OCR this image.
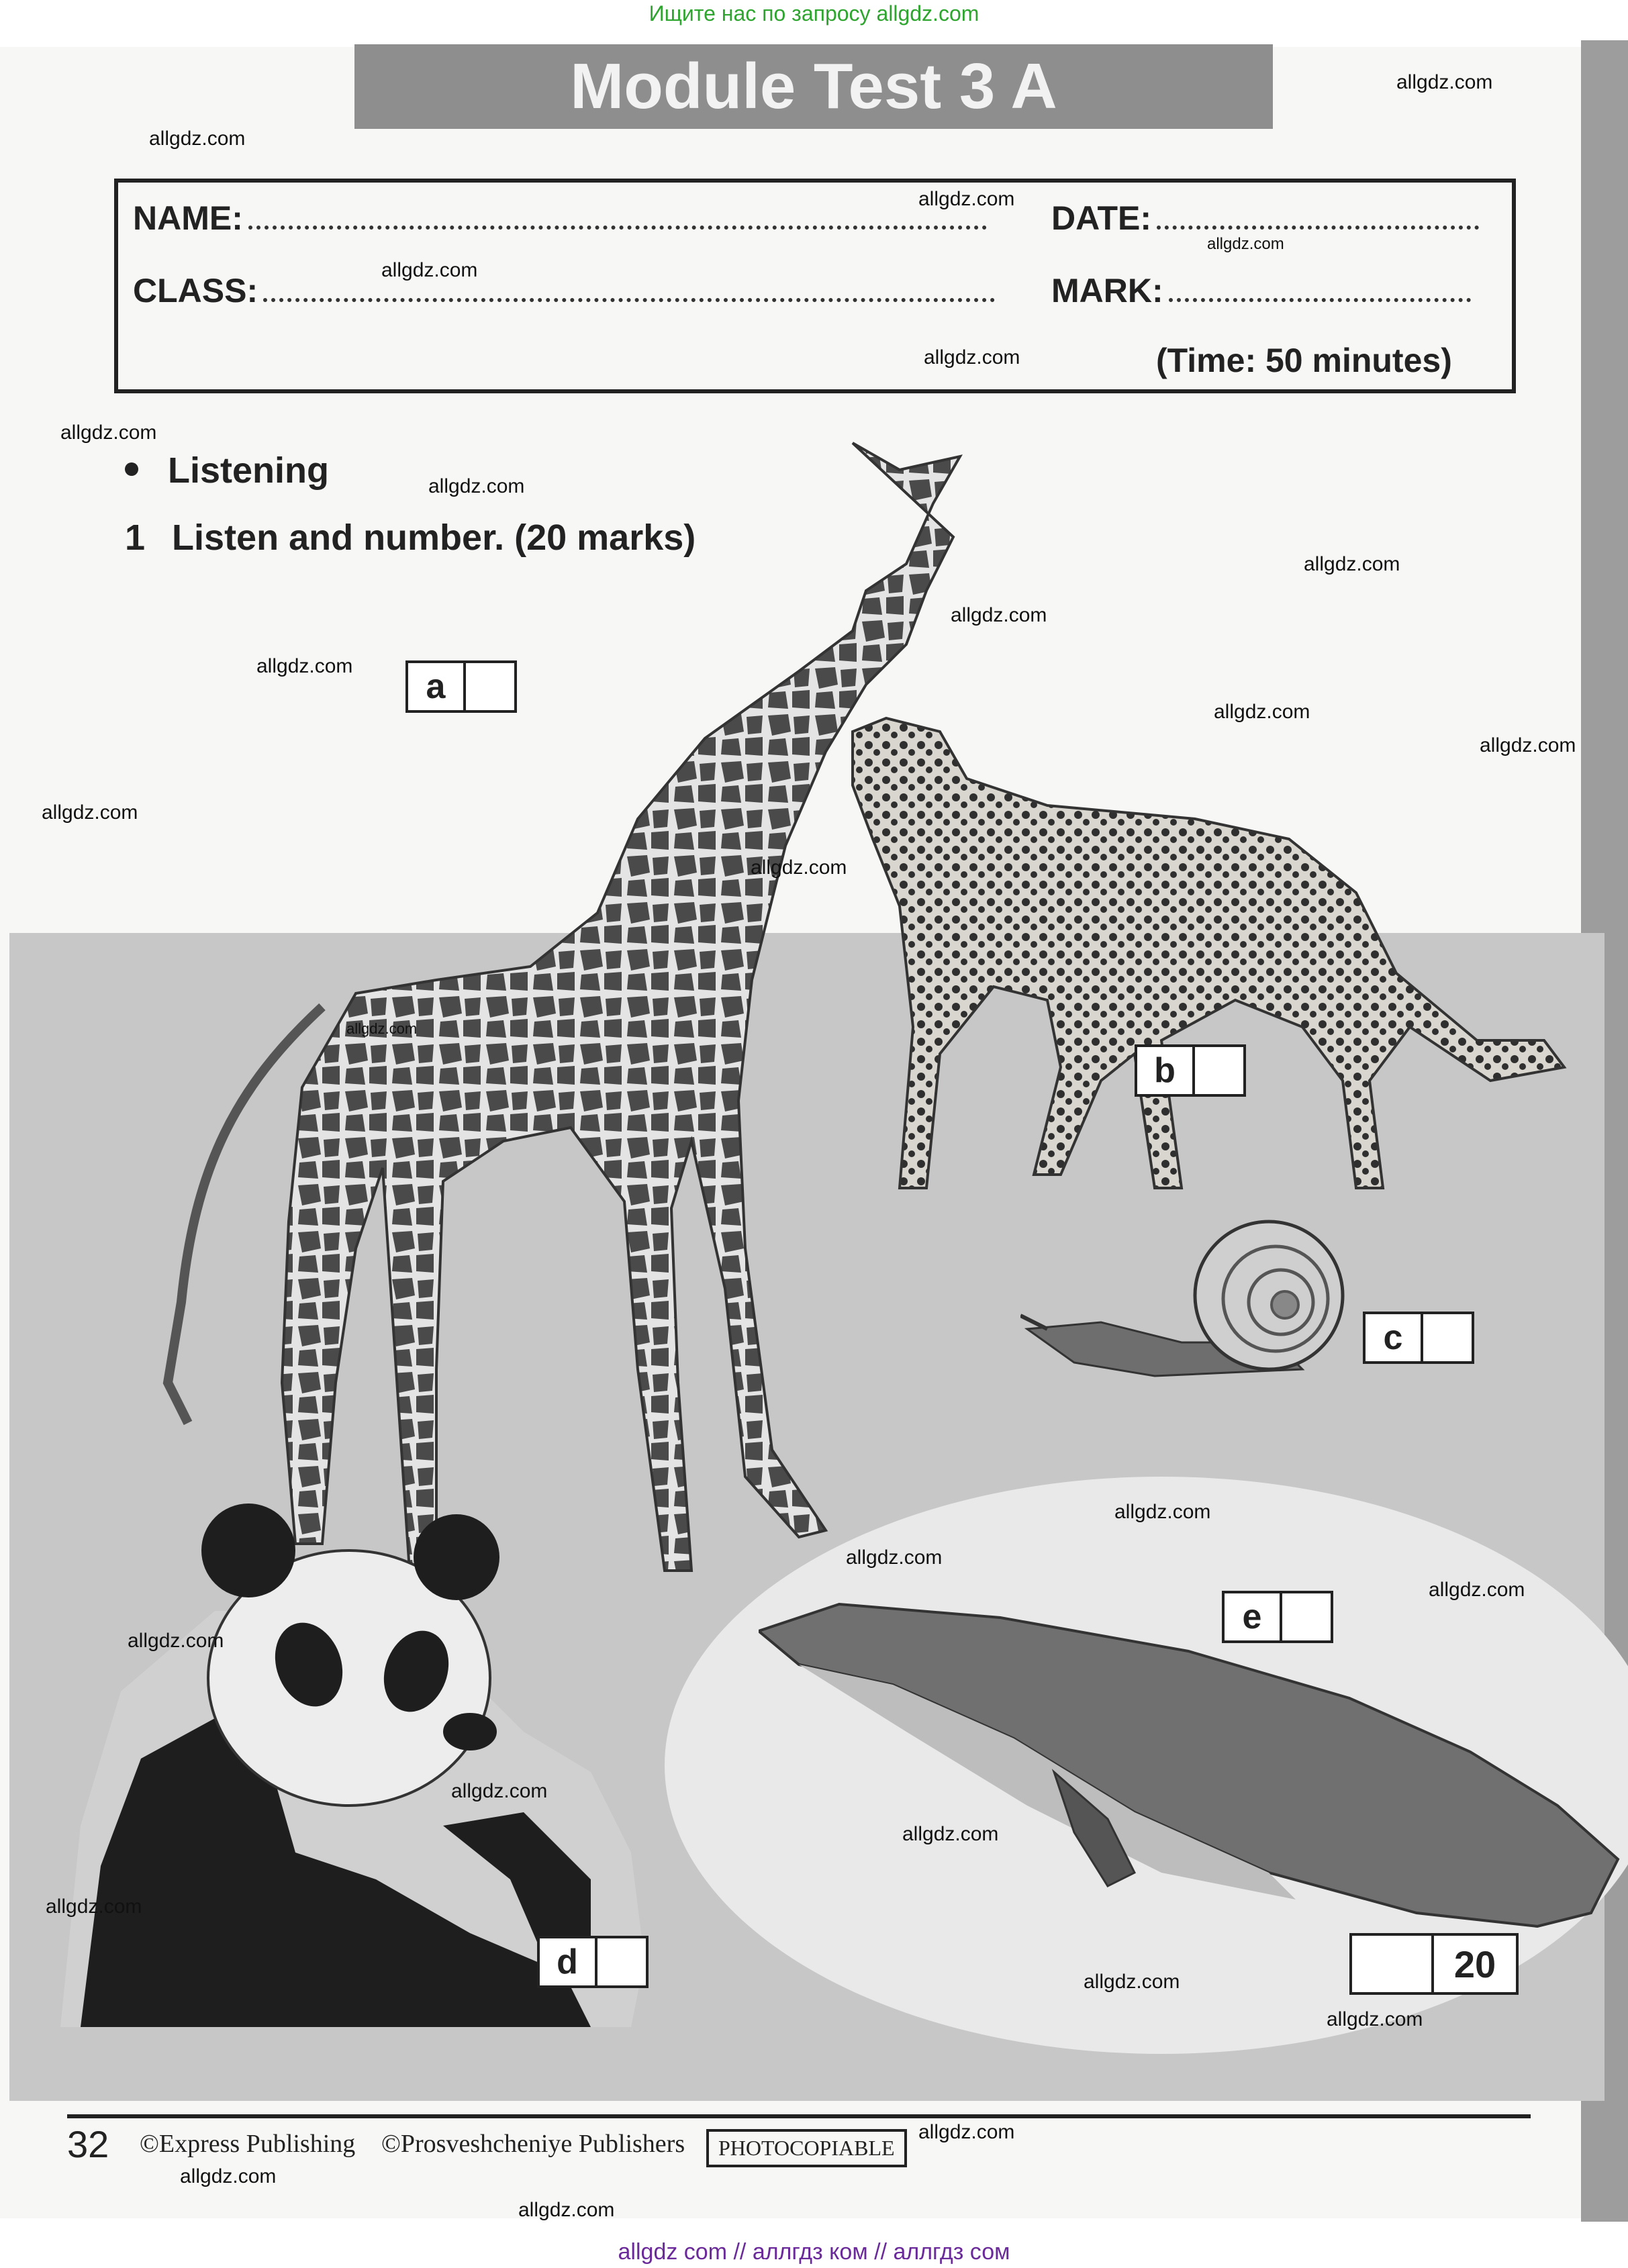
Ищите нас по запросу allgdz.com
Module Test 3 A
NAME:	DATE:
CLASS:	MARK:
(Time: 50 minutes)
Listening
1 Listen and number. (20 marks)
a
b
c
d
e
20
32 ©Express Publishing ©Prosveshcheniye Publishers	PHOTOCOPIABLE
allgdz.com
allgdz.com
allgdz.com
allgdz.com
allgdz.com
allgdz.com
allgdz.com
allgdz.com
allgdz.com
allgdz.com
allgdz.com
allgdz.com
allgdz.com
allgdz.com
allgdz.com
allgdz.com
allgdz.com
allgdz.com
allgdz.com
allgdz.com
allgdz.com
allgdz.com
allgdz.com
allgdz.com
allgdz.com
allgdz.com
allgdz.com
allgdz.com
allgdz com // аллгдз ком // аллгдз сом
